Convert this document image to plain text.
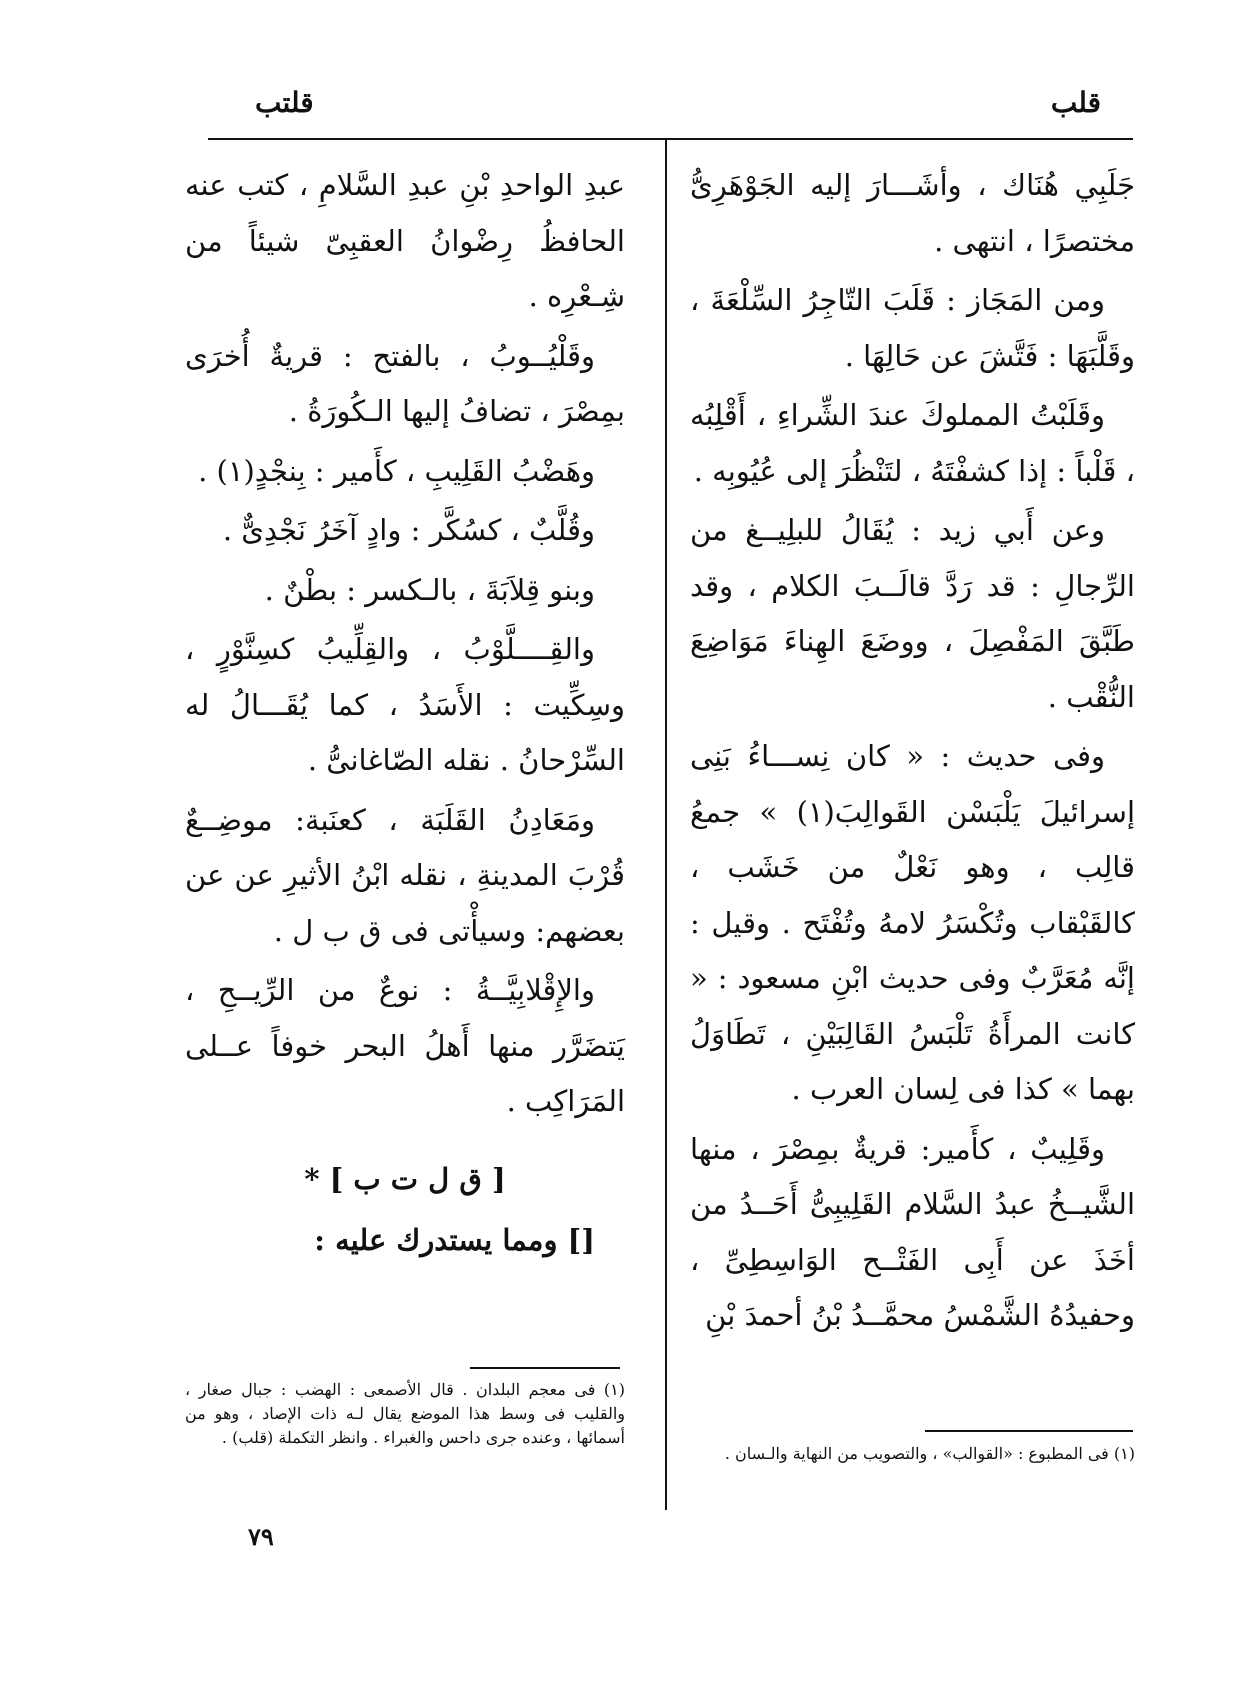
قلب
قلتب

جَلَبِي هُنَاك ، وأشَـــارَ إليه الجَوْهَرِىُّ مختصرًا ، انتهى .

ومن المَجَاز : قَلَبَ التّاجِرُ السِّلْعَةَ ، وقَلَّبَهَا : فَتَّشَ عن حَالِهَا .

وقَلَبْتُ المملوكَ عندَ الشِّراءِ ، أَقْلِبُه ، قَلْباً : إذا كشفْتَهُ ، لتَنْظُرَ إلى عُيُوبِه .

وعن أَبي زيد : يُقَالُ للبلِيــغ من الرِّجالِ : قد رَدَّ قالَــبَ الكلام ، وقد طَبَّقَ المَفْصِلَ ، ووضَعَ الهِناءَ مَوَاضِعَ النُّقْب .

وفى حديث : « كان نِســـاءُ بَنِى إسرائيلَ يَلْبَسْن القَوالِبَ(١) » جمعُ قالِب ، وهو نَعْلٌ من خَشَب ، كالقَبْقاب وتُكْسَرُ لامهُ وتُفْتَح . وقيل : إنَّه مُعَرَّبٌ وفى حديث ابْنِ مسعود : « كانت المرأَةُ تَلْبَسُ القَالِبَيْنِ ، تَطَاوَلُ بهما » كذا فى لِسان العرب .

وقَلِيبٌ ، كأَمير: قريةٌ بمِصْرَ ، منها الشَّيــخُ عبدُ السَّلام القَلِيبِىُّ أَحَــدُ من أخَذَ عن أَبِى الفَتْــح الوَاسِطِىِّ ، وحفيدُهُ الشَّمْسُ محمَّــدُ بْنُ أحمدَ بْنِ

عبدِ الواحدِ بْنِ عبدِ السَّلامِ ، كتب عنه الحافظُ رِضْوانُ العقبِىّ شيئاً من شِـعْرِه .

وقَلْيُــوبُ ، بالفتح : قريةٌ أُخرَى بمِصْرَ ، تضافُ إليها الـكُورَةُ .

وهَضْبُ القَلِيبِ ، كأَمير : بِنجْدٍ(١) .

وقُلَّبٌ ، كسُكَّر : وادٍ آخَرُ نَجْدِىٌّ .

وبنو قِلاَبَةَ ، بالـكسر : بطْنٌ .

والقِــــلَّوْبُ ، والقِلِّيبُ كسِنَّوْرٍ ، وسِكِّيت : الأَسَدُ ، كما يُقَـــالُ له السِّرْحانُ . نقله الصّاغانىُّ .

ومَعَادِنُ القَلَبَة ، كعنَبة: موضِــعٌ قُرْبَ المدينةِ ، نقله ابْنُ الأثيرِ عن عن بعضهم: وسيأْتى فى ق ب ل .

والإِقْلابِيَّــةُ : نوعٌ من الرِّيــحِ ، يَتضَرَّر منها أَهلُ البحر خوفاً عــلى المَرَاكِب .

[ ق ل ت ب ] *

[] ومما يستدرك عليه :

(١) فى معجم البلدان . قال الأصمعى : الهضب : جبال صغار ، والقليب فى وسط هذا الموضع يقال لـه ذات الإصاد ، وهو من أسمائها ، وعنده جرى داحس والغبراء . وانظر التكملة (قلب) .
(١) فى المطبوع : «القوالب» ، والتصويب من النهاية والـسان .
٧٩
